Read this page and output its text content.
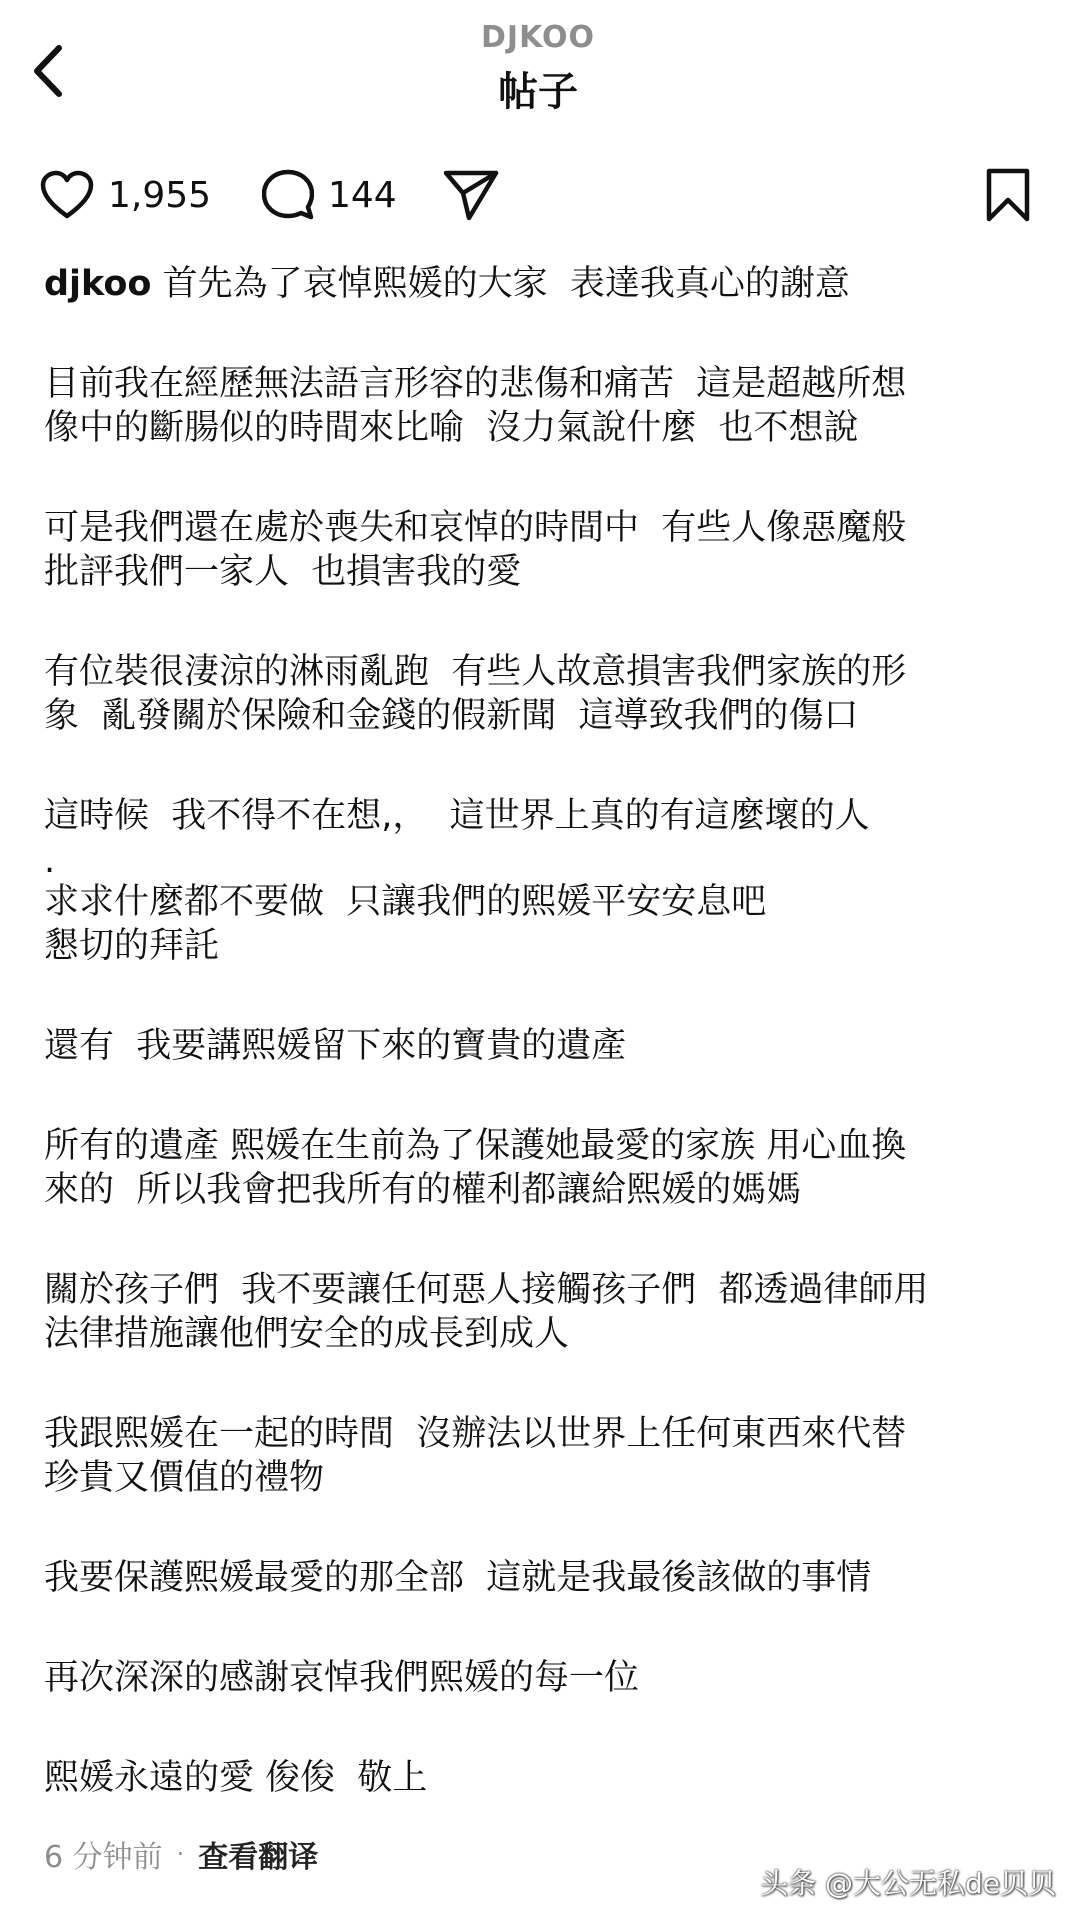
DJKOO
帖子
1,955	144

djkoo 首先為了哀悼熙媛的大家  表達我真心的謝意

目前我在經歷無法語言形容的悲傷和痛苦  這是超越所想
像中的斷腸似的時間來比喻  沒力氣說什麼  也不想說

可是我們還在處於喪失和哀悼的時間中  有些人像惡魔般
批評我們一家人  也損害我的愛

有位裝很淒涼的淋雨亂跑  有些人故意損害我們家族的形
象  亂發關於保險和金錢的假新聞  這導致我們的傷口

這時候  我不得不在想,，  這世界上真的有這麼壞的人

.

求求什麼都不要做  只讓我們的熙媛平安安息吧
懇切的拜託

還有  我要講熙媛留下來的寶貴的遺產

所有的遺產 熙媛在生前為了保護她最愛的家族 用心血換
來的  所以我會把我所有的權利都讓給熙媛的媽媽

關於孩子們  我不要讓任何惡人接觸孩子們  都透過律師用
法律措施讓他們安全的成長到成人

我跟熙媛在一起的時間  沒辦法以世界上任何東西來代替
珍貴又價值的禮物

我要保護熙媛最愛的那全部  這就是我最後該做的事情

再次深深的感謝哀悼我們熙媛的每一位

熙媛永遠的愛 俊俊  敬上

6 分钟前 · 查看翻译
头条 @大公无私de贝贝
